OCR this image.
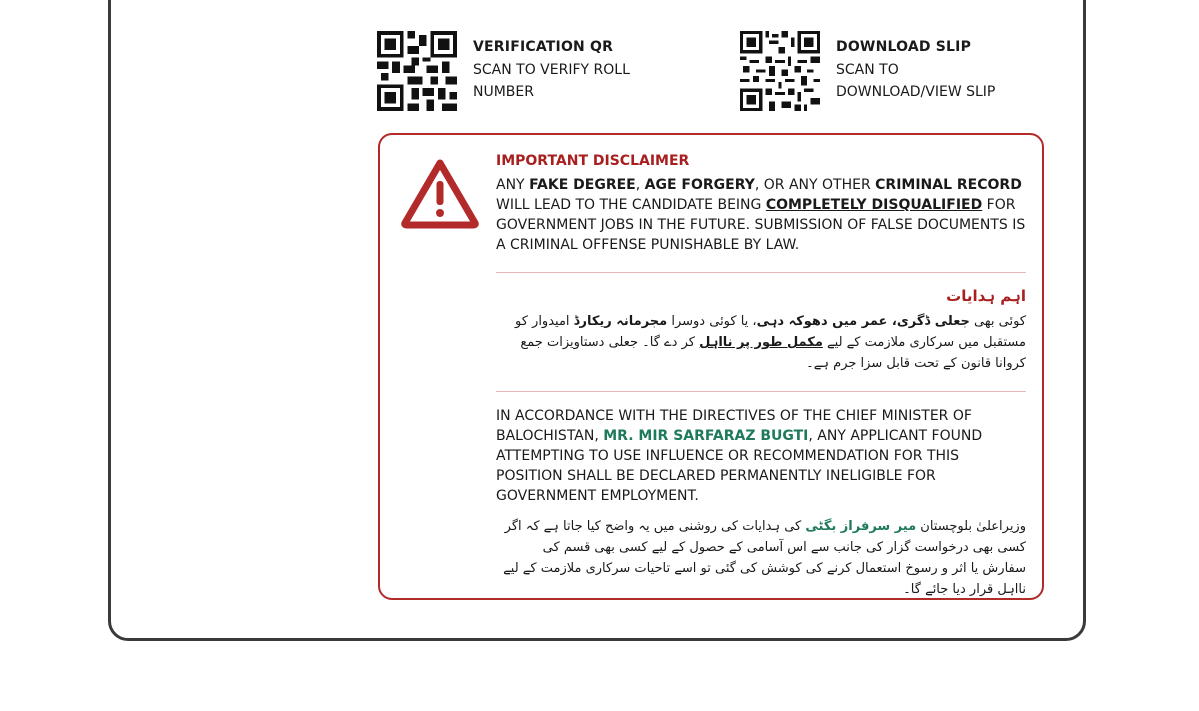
VERIFICATION QR
SCAN TO VERIFY ROLL NUMBER
DOWNLOAD SLIP
SCAN TO DOWNLOAD/VIEW SLIP
IMPORTANT DISCLAIMER
ANY FAKE DEGREE, AGE FORGERY, OR ANY OTHER CRIMINAL RECORD WILL LEAD TO THE CANDIDATE BEING COMPLETELY DISQUALIFIED FOR GOVERNMENT JOBS IN THE FUTURE. SUBMISSION OF FALSE DOCUMENTS IS A CRIMINAL OFFENSE PUNISHABLE BY LAW.
اہم ہدایات
کوئی بھی جعلی ڈگری، عمر میں دھوکہ دہی، یا کوئی دوسرا مجرمانہ ریکارڈ امیدوار کو مستقبل میں سرکاری ملازمت کے لیے مکمل طور پر نااہل کر دے گا۔ جعلی دستاویزات جمع کروانا قانون کے تحت قابل سزا جرم ہے۔
IN ACCORDANCE WITH THE DIRECTIVES OF THE CHIEF MINISTER OF BALOCHISTAN, MR. MIR SARFARAZ BUGTI, ANY APPLICANT FOUND ATTEMPTING TO USE INFLUENCE OR RECOMMENDATION FOR THIS POSITION SHALL BE DECLARED PERMANENTLY INELIGIBLE FOR GOVERNMENT EMPLOYMENT.
وزیراعلیٰ بلوچستان میر سرفراز بگٹی کی ہدایات کی روشنی میں یہ واضح کیا جاتا ہے کہ اگر کسی بھی درخواست گزار کی جانب سے اس آسامی کے حصول کے لیے کسی بھی قسم کی سفارش یا اثر و رسوخ استعمال کرنے کی کوشش کی گئی تو اسے تاحیات سرکاری ملازمت کے لیے نااہل قرار دیا جائے گا۔
